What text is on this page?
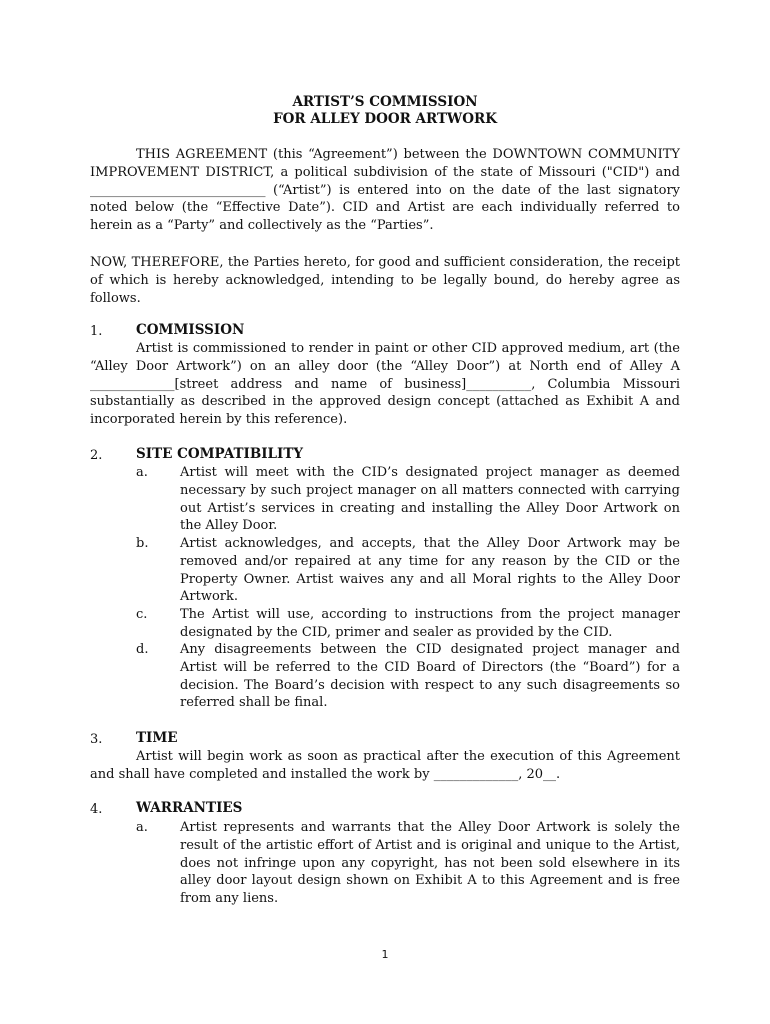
ARTIST’S COMMISSION
FOR ALLEY DOOR ARTWORK
THIS AGREEMENT (this “Agreement”) between the DOWNTOWN COMMUNITY IMPROVEMENT DISTRICT, a political subdivision of the state of Missouri ("CID") and ___________________________ (“Artist”) is entered into on the date of the last signatory noted below (the “Effective Date”). CID and Artist are each individually referred to herein as a “Party” and collectively as the “Parties”.
NOW, THEREFORE, the Parties hereto, for good and sufficient consideration, the receipt of which is hereby acknowledged, intending to be legally bound, do hereby agree as follows.
1. COMMISSION
Artist is commissioned to render in paint or other CID approved medium, art (the “Alley Door Artwork”) on an alley door (the “Alley Door”) at North end of Alley A _____________[street address and name of business]__________, Columbia Missouri substantially as described in the approved design concept (attached as Exhibit A and incorporated herein by this reference).
2. SITE COMPATIBILITY
a. Artist will meet with the CID’s designated project manager as deemed necessary by such project manager on all matters connected with carrying out Artist’s services in creating and installing the Alley Door Artwork on the Alley Door.
b. Artist acknowledges, and accepts, that the Alley Door Artwork may be removed and/or repaired at any time for any reason by the CID or the Property Owner. Artist waives any and all Moral rights to the Alley Door Artwork.
c.	The Artist will use, according to instructions from the project manager designated by the CID, primer and sealer as provided by the CID.
d. Any disagreements between the CID designated project manager and Artist will be referred to the CID Board of Directors (the “Board”) for a decision. The Board’s decision with respect to any such disagreements so referred shall be final.
3. TIME
Artist will begin work as soon as practical after the execution of this Agreement and shall have completed and installed the work by _____________, 20__.
4. WARRANTIES
a. Artist represents and warrants that the Alley Door Artwork is solely the result of the artistic effort of Artist and is original and unique to the Artist, does not infringe upon any copyright, has not been sold elsewhere in its alley door layout design shown on Exhibit A to this Agreement and is free from any liens.
1
